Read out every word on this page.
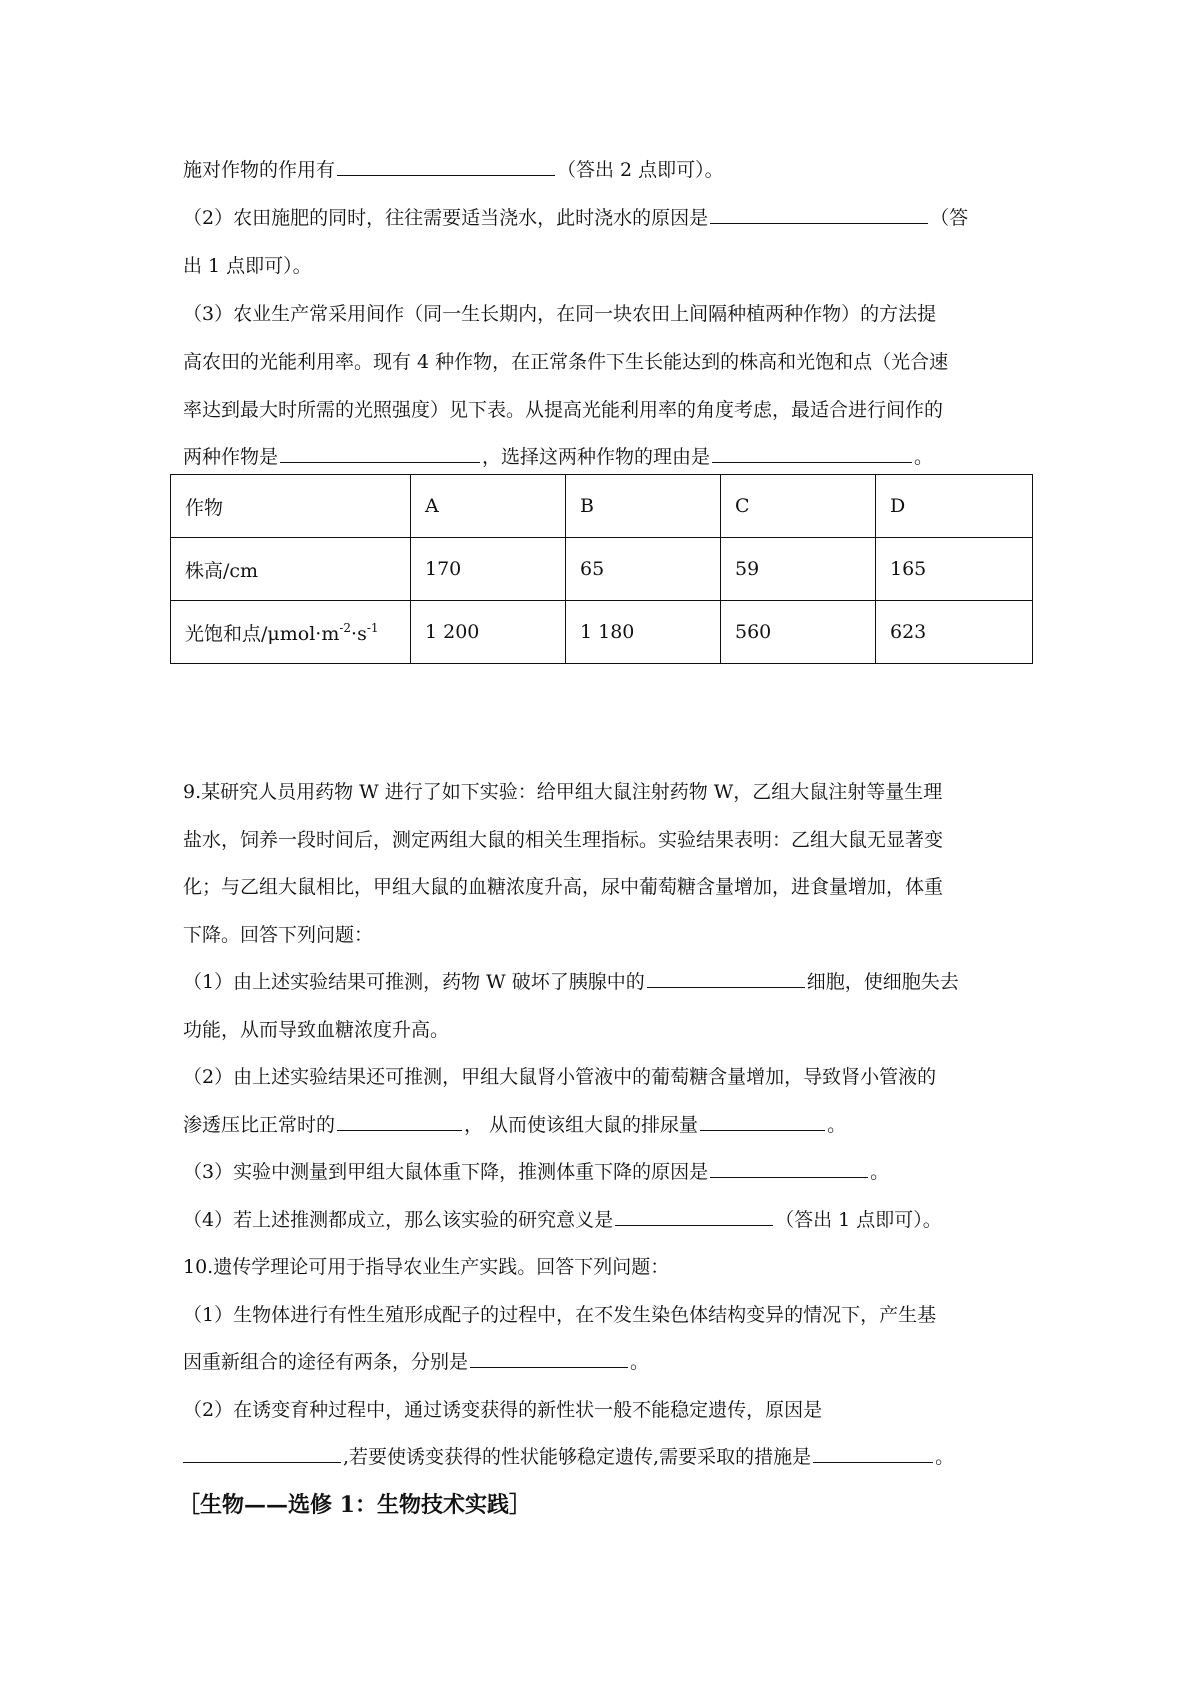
施对作物的作用有	（答出 2 点即可）。
（2）农田施肥的同时，往往需要适当浇水，此时浇水的原因是	（答
出 1 点即可）。
（3）农业生产常采用间作（同一生长期内，在同一块农田上间隔种植两种作物）的方法提
高农田的光能利用率。现有 4 种作物，在正常条件下生长能达到的株高和光饱和点（光合速
率达到最大时所需的光照强度）见下表。从提高光能利用率的角度考虑，最适合进行间作的
两种作物是	，选择这两种作物的理由是	。
作物	A	B	C	D
株高/cm	170	65	59	165
光饱和点$/\mu mol\cdot m^{-2}\cdot s^{-1}$	1 200	1 180	560	623
9.某研究人员用药物 W 进行了如下实验：给甲组大鼠注射药物 W，乙组大鼠注射等量生理
盐水，饲养一段时间后，测定两组大鼠的相关生理指标。实验结果表明：乙组大鼠无显著变
化；与乙组大鼠相比，甲组大鼠的血糖浓度升高，尿中葡萄糖含量增加，进食量增加，体重
下降。回答下列问题：
（1）由上述实验结果可推测，药物 W 破坏了胰腺中的	细胞，使细胞失去
功能，从而导致血糖浓度升高。
（2）由上述实验结果还可推测，甲组大鼠肾小管液中的葡萄糖含量增加，导致肾小管液的
渗透压比正常时的	， 从而使该组大鼠的排尿量	。
（3）实验中测量到甲组大鼠体重下降，推测体重下降的原因是	。
（4）若上述推测都成立，那么该实验的研究意义是	（答出 1 点即可）。
10.遗传学理论可用于指导农业生产实践。回答下列问题：
（1）生物体进行有性生殖形成配子的过程中，在不发生染色体结构变异的情况下，产生基
因重新组合的途径有两条，分别是	。
（2）在诱变育种过程中，通过诱变获得的新性状一般不能稳定遗传，原因是
,若要使诱变获得的性状能够稳定遗传,需要采取的措施是	。
［生物——选修 1：生物技术实践］
